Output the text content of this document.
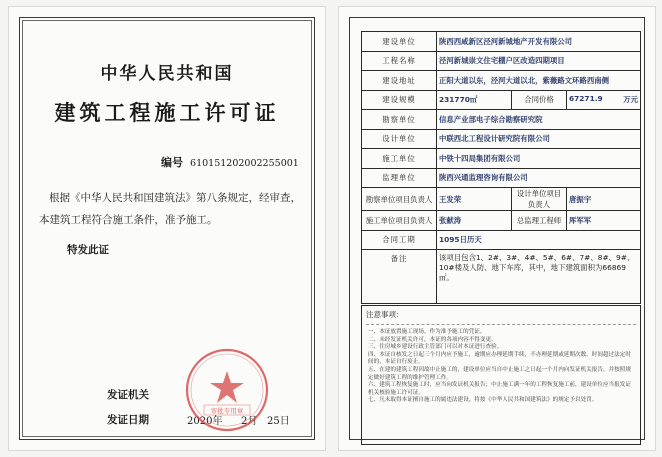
中华人民共和国
建筑工程施工许可证
编号 610151202002255001
根据《中华人民共和国建筑法》第八条规定，经审查，本建筑工程符合施工条件，准予施工。
特发此证
发证机关
发证日期	2020年 2月 25日
审批专用章
建设单位	陕西西咸新区泾河新城地产开发有限公司		
工程名称	泾河新城崇文住宅棚户区改造四期项目		
建设地址	正阳大道以东，泾河大道以北，紫薇路文环路西南侧		
建设规模	231770㎡	合同价格	67271.9 万元

勘察单位	信息产业部电子综合勘察研究院		
设计单位	中联西北工程设计研究院有限公司		
施工单位	中铁十四局集团有限公司		
监理单位	陕西兴通监理咨询有限公司		
勘察单位项目负责人	王发荣	设计单位项目负责人	唐振宇
施工单位项目负责人	张献涛	总监理工程师	厍军军
合同工期	1095日历天		
备注	该项目包含1、2#、3#、4#、5#、6#、7#、8#、9#、10#楼及人防、地下车库，其中，地下建筑面积为66869㎡。		
注意事项：
一、本证放置施工现场，作为准予施工的凭证。
二、未经发证机关许可，本证的各项内容不得变更。
三、住房城乡建设行政主管部门可以对本证进行查验。
四、本证自核发之日起三个月内应予施工，逾期应办理延期手续，不办理延期或延期次数、时间超过法定时间的，本证自行废止。
五、在建的建筑工程因故中止施工的，建设单位应当自中止施工之日起一个月内向发证机关报告，并按照规定做好建筑工程的维护管理工作。
六、建筑工程恢复施工时，应当向发证机关报告；中止施工满一年的工程恢复施工前，建设单位应当报发证机关核验施工许可证。
七、凡未取得本证擅自施工的属违法建设，将按《中华人民共和国建筑法》的规定予以处罚。
